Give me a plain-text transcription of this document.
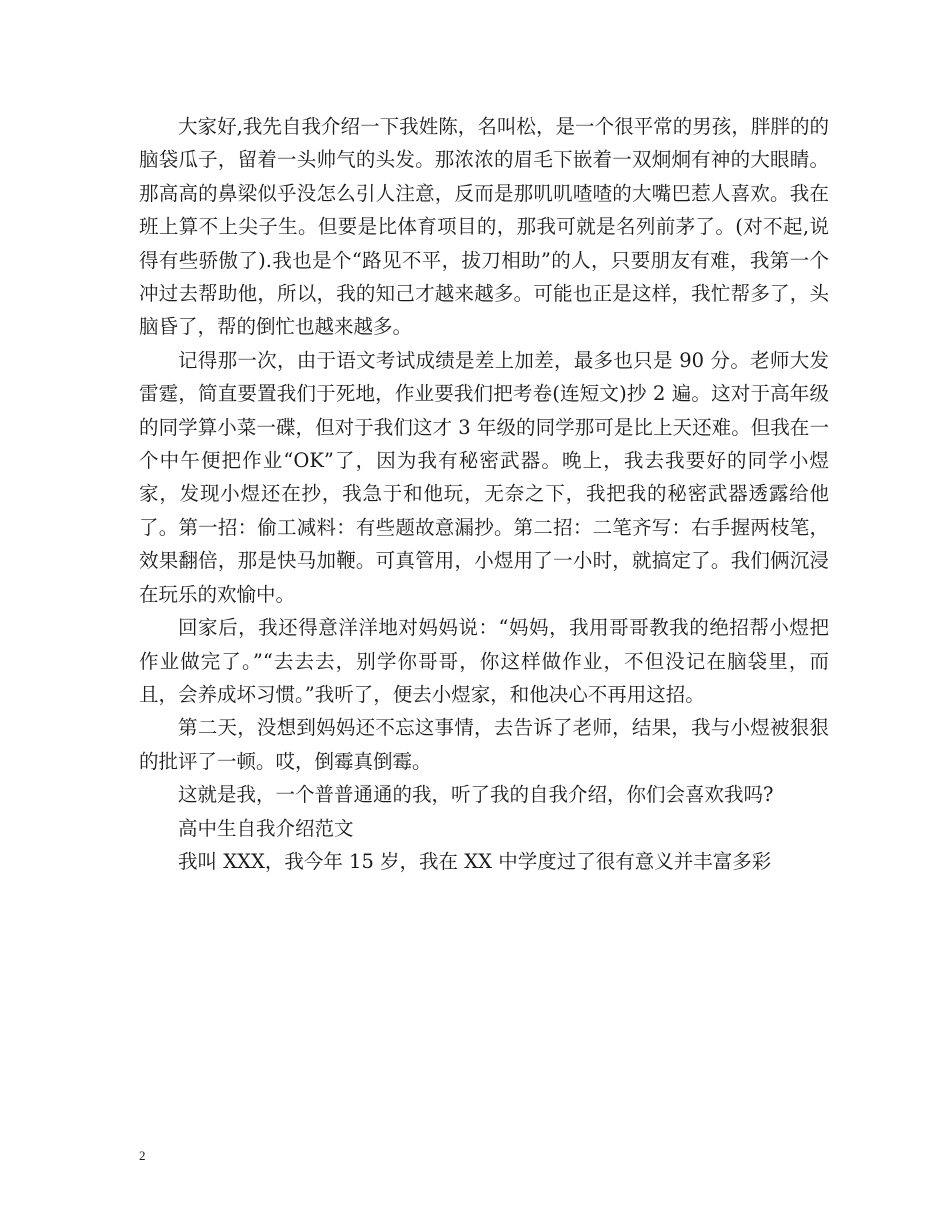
大家好,我先自我介绍一下我姓陈，名叫松，是一个很平常的男孩，胖胖的的脑袋瓜子，留着一头帅气的头发。那浓浓的眉毛下嵌着一双炯炯有神的大眼睛。那高高的鼻梁似乎没怎么引人注意，反而是那叽叽喳喳的大嘴巴惹人喜欢。我在班上算不上尖子生。但要是比体育项目的，那我可就是名列前茅了。(对不起,说得有些骄傲了).我也是个“路见不平，拔刀相助”的人，只要朋友有难，我第一个冲过去帮助他，所以，我的知己才越来越多。可能也正是这样，我忙帮多了，头脑昏了，帮的倒忙也越来越多。

记得那一次，由于语文考试成绩是差上加差，最多也只是 90 分。老师大发雷霆，简直要置我们于死地，作业要我们把考卷(连短文)抄 2 遍。这对于高年级的同学算小菜一碟，但对于我们这才 3 年级的同学那可是比上天还难。但我在一个中午便把作业“OK”了，因为我有秘密武器。晚上，我去我要好的同学小煜家，发现小煜还在抄，我急于和他玩，无奈之下，我把我的秘密武器透露给他了。第一招：偷工减料：有些题故意漏抄。第二招：二笔齐写：右手握两枝笔，效果翻倍，那是快马加鞭。可真管用，小煜用了一小时，就搞定了。我们俩沉浸在玩乐的欢愉中。

回家后，我还得意洋洋地对妈妈说：“妈妈，我用哥哥教我的绝招帮小煜把作业做完了。”“去去去，别学你哥哥，你这样做作业，不但没记在脑袋里，而且，会养成坏习惯。”我听了，便去小煜家，和他决心不再用这招。

第二天，没想到妈妈还不忘这事情，去告诉了老师，结果，我与小煜被狠狠的批评了一顿。哎，倒霉真倒霉。

这就是我，一个普普通通的我，听了我的自我介绍，你们会喜欢我吗?

高中生自我介绍范文

我叫 XXX，我今年 15 岁，我在 XX 中学度过了很有意义并丰富多彩

2
